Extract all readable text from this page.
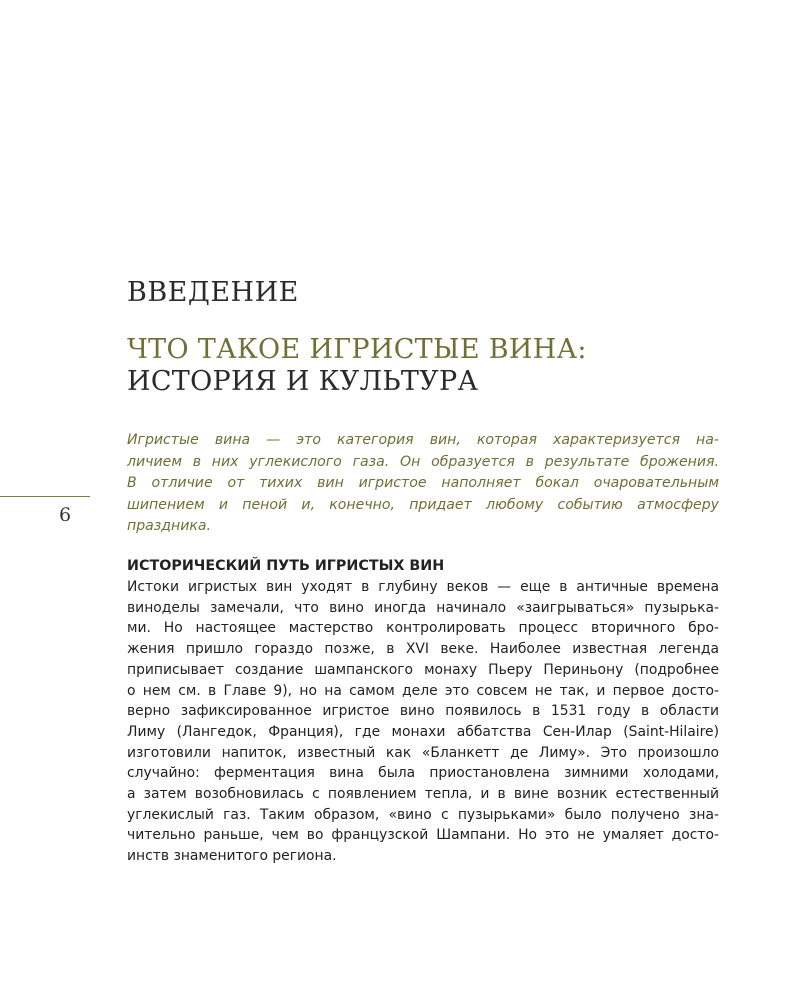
6
ВВЕДЕНИЕ
ЧТО ТАКОЕ ИГРИСТЫЕ ВИНА:
ИСТОРИЯ И КУЛЬТУРА

Игристые вина — это категория вин, которая характеризуется на-
личием в них углекислого газа. Он образуется в результате брожения.
В отличие от тихих вин игристое наполняет бокал очаровательным
шипением и пеной и, конечно, придает любому событию атмосферу
праздника.

ИСТОРИЧЕСКИЙ ПУТЬ ИГРИСТЫХ ВИН

Истоки игристых вин уходят в глубину веков — еще в античные времена
виноделы замечали, что вино иногда начинало «заигрываться» пузырька-
ми. Но настоящее мастерство контролировать процесс вторичного бро-
жения пришло гораздо позже, в XVI веке. Наиболее известная легенда
приписывает создание шампанского монаху Пьеру Периньону (подробнее
о нем см. в Главе 9), но на самом деле это совсем не так, и первое досто-
верно зафиксированное игристое вино появилось в 1531 году в области
Лиму (Лангедок, Франция), где монахи аббатства Сен-Илар (Saint-Hilaire)
изготовили напиток, известный как «Бланкетт де Лиму». Это произошло
случайно: ферментация вина была приостановлена зимними холодами,
а затем возобновилась с появлением тепла, и в вине возник естественный
углекислый газ. Таким образом, «вино с пузырьками» было получено зна-
чительно раньше, чем во французской Шампани. Но это не умаляет досто-
инств знаменитого региона.
